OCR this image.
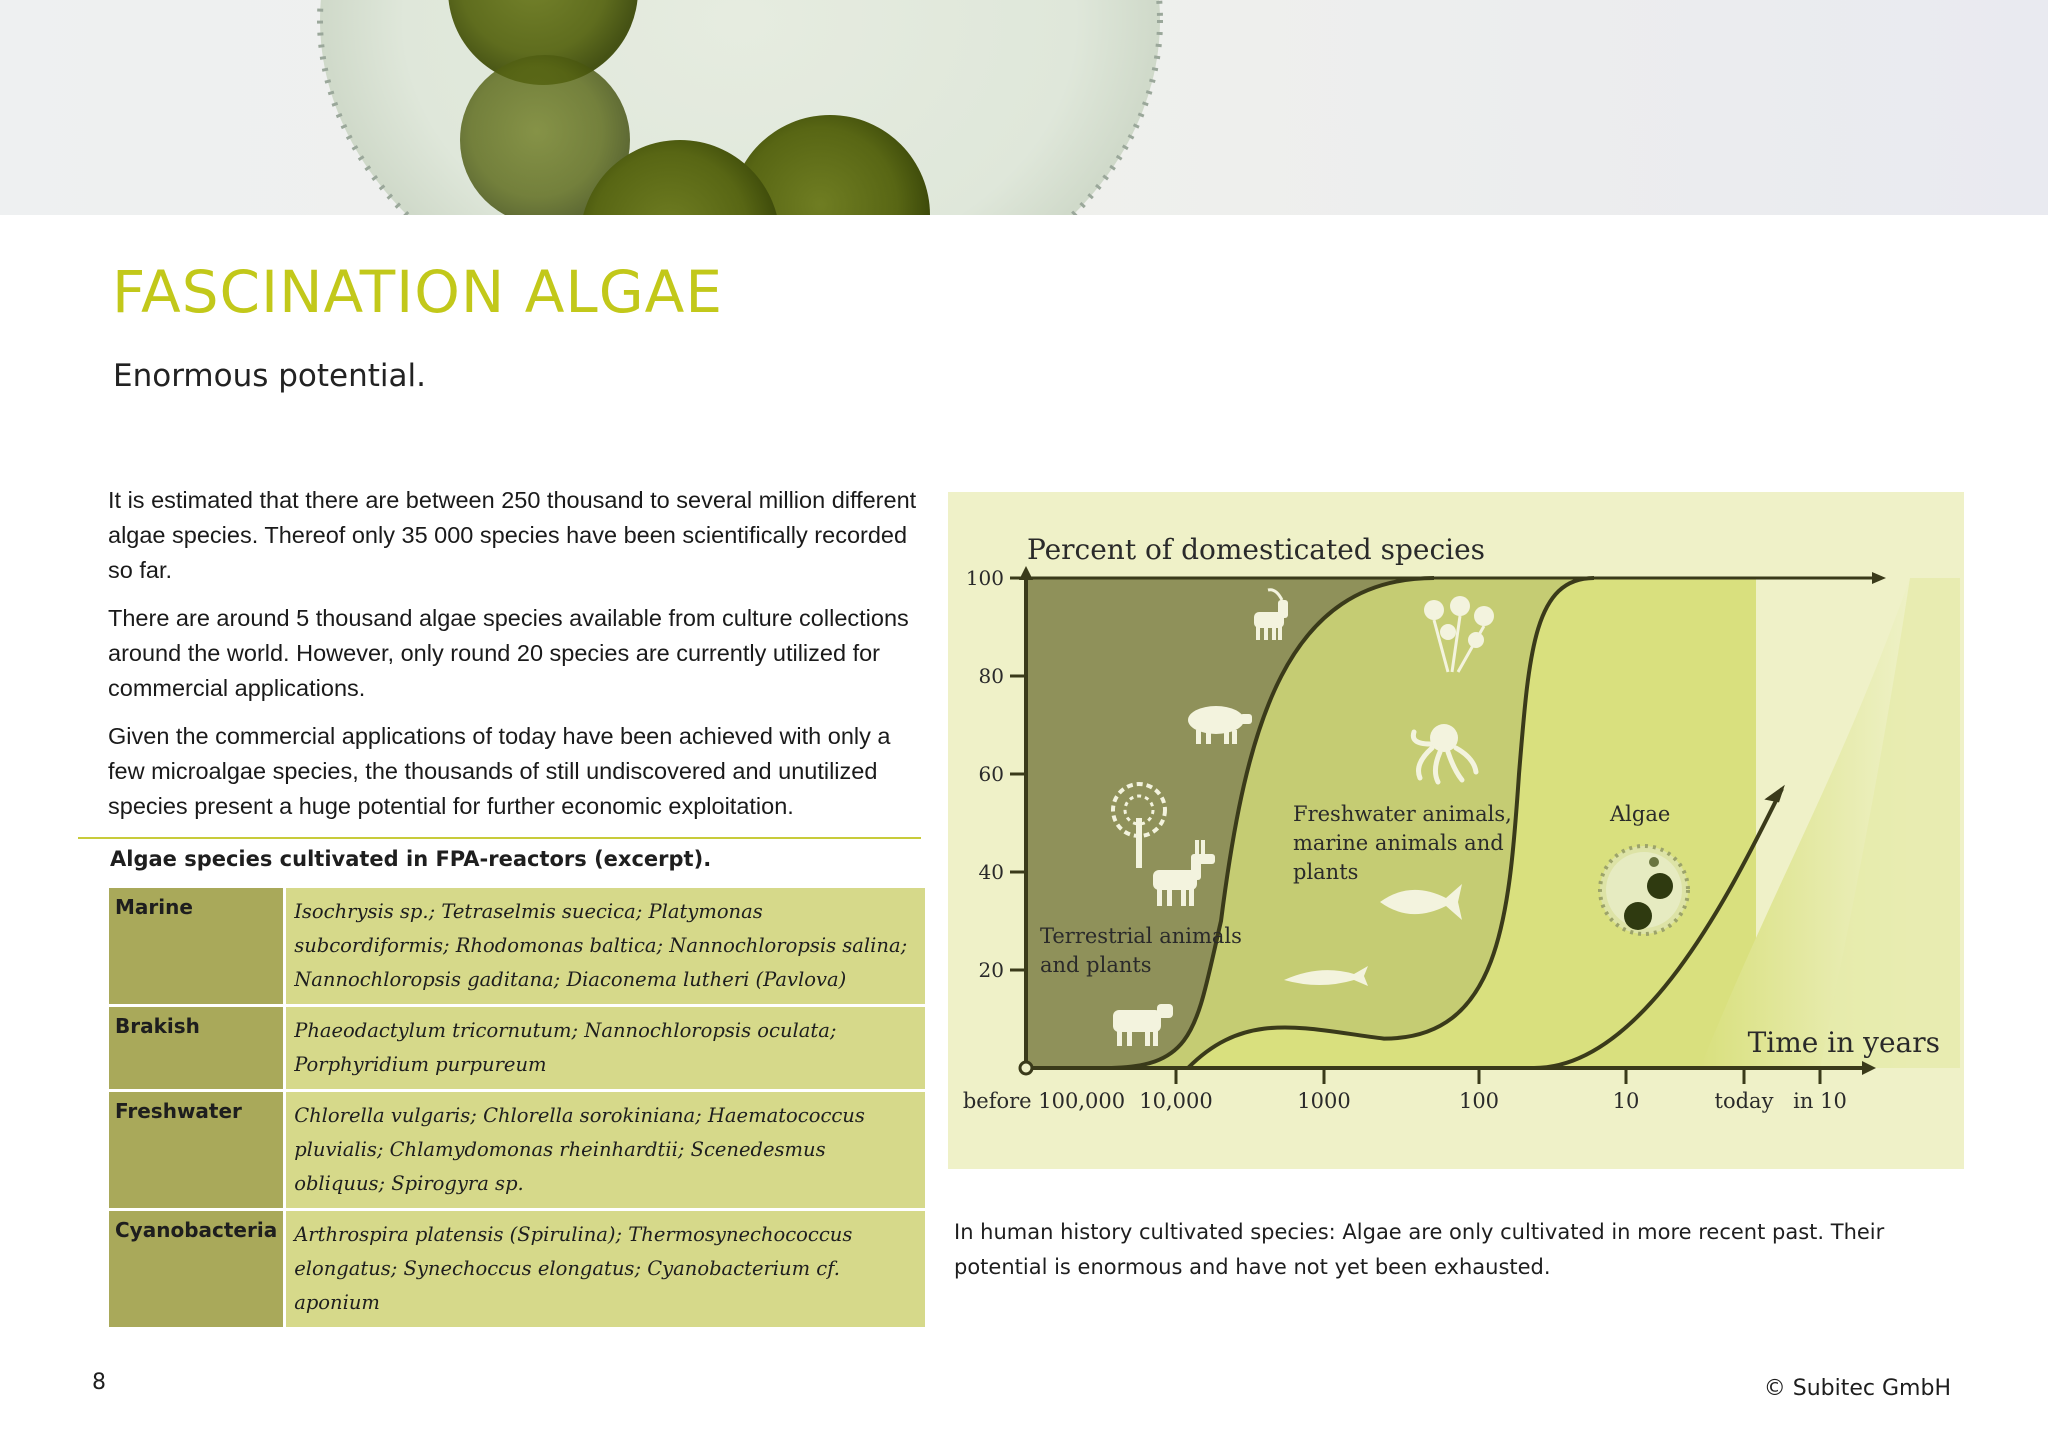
FASCINATION ALGAE
Enormous potential.

It is estimated that there are between 250 thousand to several million different algae species. Thereof only 35 000 species have been scientifically recorded so far.

There are around 5 thousand algae species available from culture collections around the world. However, only round 20 species are currently utilized for commercial applications.

Given the commercial applications of today have been achieved with only a few microalgae species, the thousands of still undiscovered and unutilized species present a huge potential for further economic exploitation.

Algae species cultivated in FPA-reactors (excerpt).

Marine	Isochrysis sp.; Tetraselmis suecica; Platymonas subcordiformis; Rhodomonas baltica; Nannochloropsis salina; Nannochloropsis gaditana; Diaconema lutheri (Pavlova)
Brakish	Phaeodactylum tricornutum; Nannochloropsis oculata; Porphyridium purpureum
Freshwater	Chlorella vulgaris; Chlorella sorokiniana; Haematococcus pluvialis; Chlamydomonas rheinhardtii; Scenedesmus obliquus; Spirogyra sp.
Cyanobacteria	Arthrospira platensis (Spirulina); Thermosynechococcus elongatus; Synechoccus elongatus; Cyanobacterium cf. aponium
100
80
60
40
20
before 100,000 10,000	1000	100	10	today in 10
Percent of domesticated species
Time in years
Terrestrial animals and plants
Freshwater animals, marine animals and plants
Algae

In human history cultivated species: Algae are only cultivated in more recent past. Their potential is enormous and have not yet been exhausted.

8	© Subitec GmbH
